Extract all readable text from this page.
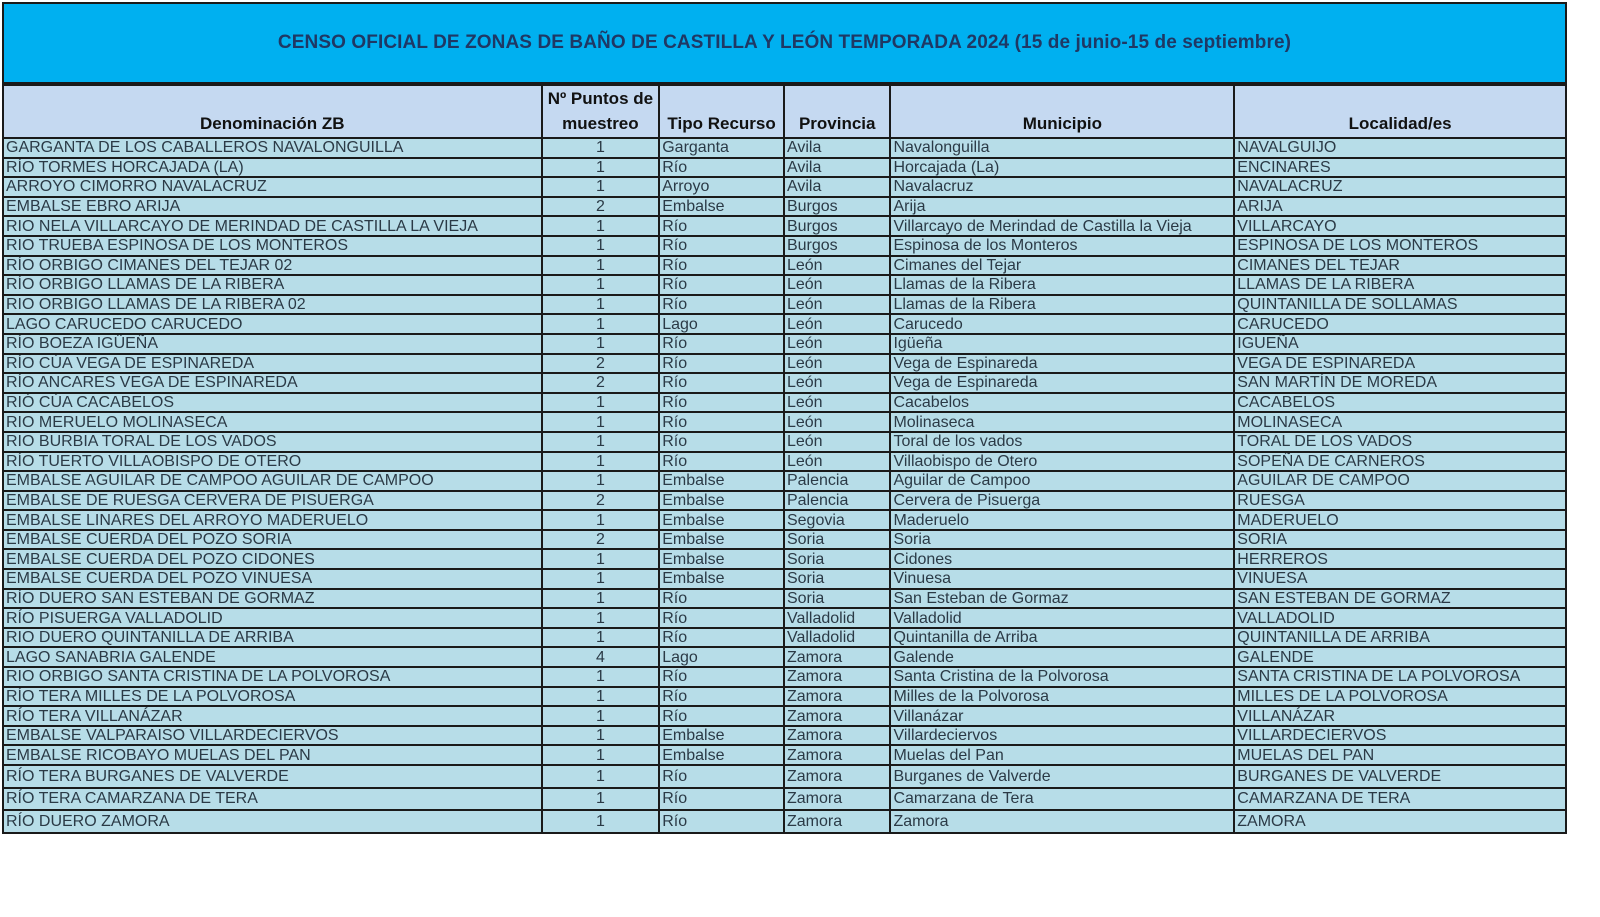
CENSO OFICIAL DE ZONAS DE BAÑO DE CASTILLA Y LEÓN TEMPORADA 2024 (15 de junio-15 de septiembre)
Denominación ZB	Nº Puntos de muestreo	Tipo Recurso	Provincia	Municipio	Localidad/es
GARGANTA DE LOS CABALLEROS NAVALONGUILLA	1	Garganta	Avila	Navalonguilla	NAVALGUIJO
RÍO TORMES HORCAJADA (LA)	1	Río	Avila	Horcajada (La)	ENCINARES
ARROYO CIMORRO NAVALACRUZ	1	Arroyo	Avila	Navalacruz	NAVALACRUZ
EMBALSE EBRO ARIJA	2	Embalse	Burgos	Arija	ARIJA
RIO NELA VILLARCAYO DE MERINDAD DE CASTILLA LA VIEJA	1	Río	Burgos	Villarcayo de Merindad de Castilla la Vieja	VILLARCAYO
RIO TRUEBA ESPINOSA DE LOS MONTEROS	1	Río	Burgos	Espinosa de los Monteros	ESPINOSA DE LOS MONTEROS
RÍO ORBIGO CIMANES DEL TEJAR 02	1	Río	León	Cimanes del Tejar	CIMANES DEL TEJAR
RÍO ORBIGO LLAMAS DE LA RIBERA	1	Río	León	Llamas de la Ribera	LLAMAS DE LA RIBERA
RIO ORBIGO LLAMAS DE LA RIBERA 02	1	Río	León	Llamas de la Ribera	QUINTANILLA DE SOLLAMAS
LAGO CARUCEDO CARUCEDO	1	Lago	León	Carucedo	CARUCEDO
RÍO BOEZA IGÜEÑA	1	Río	León	Igüeña	IGUEÑA
RÍO CÚA VEGA DE ESPINAREDA	2	Río	León	Vega de Espinareda	VEGA DE ESPINAREDA
RÍO ANCARES VEGA DE ESPINAREDA	2	Río	León	Vega de Espinareda	SAN MARTÍN DE MOREDA
RIÓ CÚA CACABELOS	1	Río	León	Cacabelos	CACABELOS
RIO MERUELO MOLINASECA	1	Río	León	Molinaseca	MOLINASECA
RIO BURBIA TORAL DE LOS VADOS	1	Río	León	Toral de los vados	TORAL DE LOS VADOS
RÍO TUERTO VILLAOBISPO DE OTERO	1	Río	León	Villaobispo de Otero	SOPEÑA DE CARNEROS
EMBALSE AGUILAR DE CAMPOO AGUILAR DE CAMPOO	1	Embalse	Palencia	Aguilar de Campoo	AGUILAR DE CAMPOO
EMBALSE DE RUESGA CERVERA DE PISUERGA	2	Embalse	Palencia	Cervera de Pisuerga	RUESGA
EMBALSE LINARES DEL ARROYO MADERUELO	1	Embalse	Segovia	Maderuelo	MADERUELO
EMBALSE CUERDA DEL POZO SORIA	2	Embalse	Soria	Soria	SORIA
EMBALSE CUERDA DEL POZO CIDONES	1	Embalse	Soria	Cidones	HERREROS
EMBALSE CUERDA DEL POZO VINUESA	1	Embalse	Soria	Vinuesa	VINUESA
RÍO DUERO SAN ESTEBAN DE GORMAZ	1	Río	Soria	San Esteban de Gormaz	SAN ESTEBAN DE GORMAZ
RÍO PISUERGA VALLADOLID	1	Río	Valladolid	Valladolid	VALLADOLID
RIO DUERO QUINTANILLA DE ARRIBA	1	Río	Valladolid	Quintanilla de Arriba	QUINTANILLA DE ARRIBA
LAGO SANABRIA GALENDE	4	Lago	Zamora	Galende	GALENDE
RIO ORBIGO SANTA CRISTINA DE LA POLVOROSA	1	Río	Zamora	Santa Cristina de la Polvorosa	SANTA CRISTINA DE LA POLVOROSA
RÍO TERA MILLES DE LA POLVOROSA	1	Río	Zamora	Milles de la Polvorosa	MILLES DE LA POLVOROSA
RÍO TERA VILLANÁZAR	1	Río	Zamora	Villanázar	VILLANÁZAR
EMBALSE VALPARAISO VILLARDECIERVOS	1	Embalse	Zamora	Villardeciervos	VILLARDECIERVOS
EMBALSE RICOBAYO MUELAS DEL PAN	1	Embalse	Zamora	Muelas del Pan	MUELAS DEL PAN
RÍO TERA BURGANES DE VALVERDE	1	Río	Zamora	Burganes de Valverde	BURGANES DE VALVERDE
RÍO TERA CAMARZANA DE TERA	1	Río	Zamora	Camarzana de Tera	CAMARZANA DE TERA
RÍO DUERO ZAMORA	1	Río	Zamora	Zamora	ZAMORA
